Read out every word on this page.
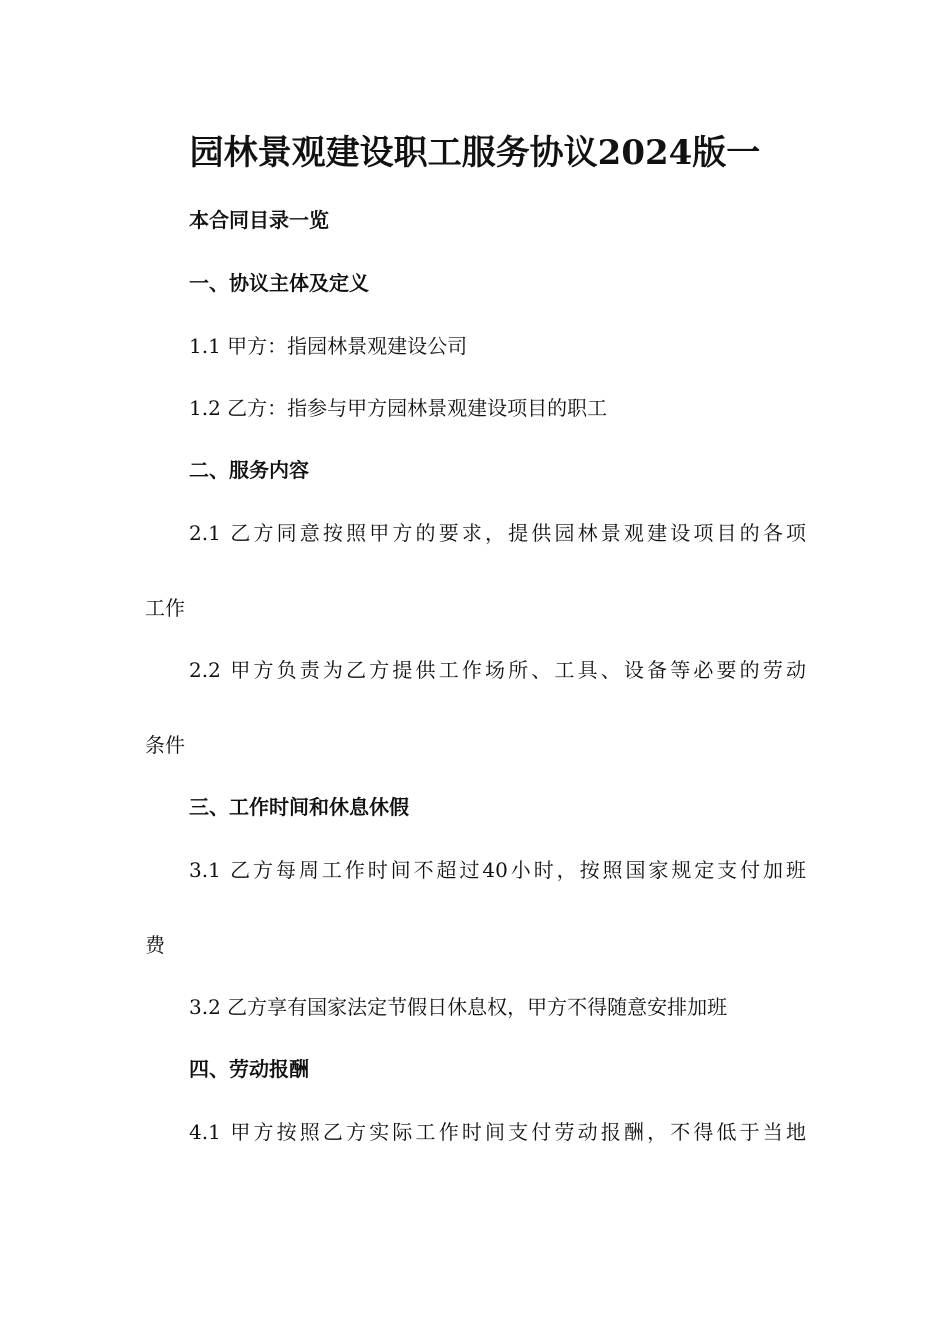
园林景观建设职工服务协议2024版一
本合同目录一览
一、协议主体及定义
1.1 甲方：指园林景观建设公司
1.2 乙方：指参与甲方园林景观建设项目的职工
二、服务内容
2.1 乙方同意按照甲方的要求，提供园林景观建设项目的各项
工作
2.2 甲方负责为乙方提供工作场所、工具、设备等必要的劳动
条件
三、工作时间和休息休假
3.1 乙方每周工作时间不超过40小时，按照国家规定支付加班
费
3.2 乙方享有国家法定节假日休息权，甲方不得随意安排加班
四、劳动报酬
4.1 甲方按照乙方实际工作时间支付劳动报酬，不得低于当地
